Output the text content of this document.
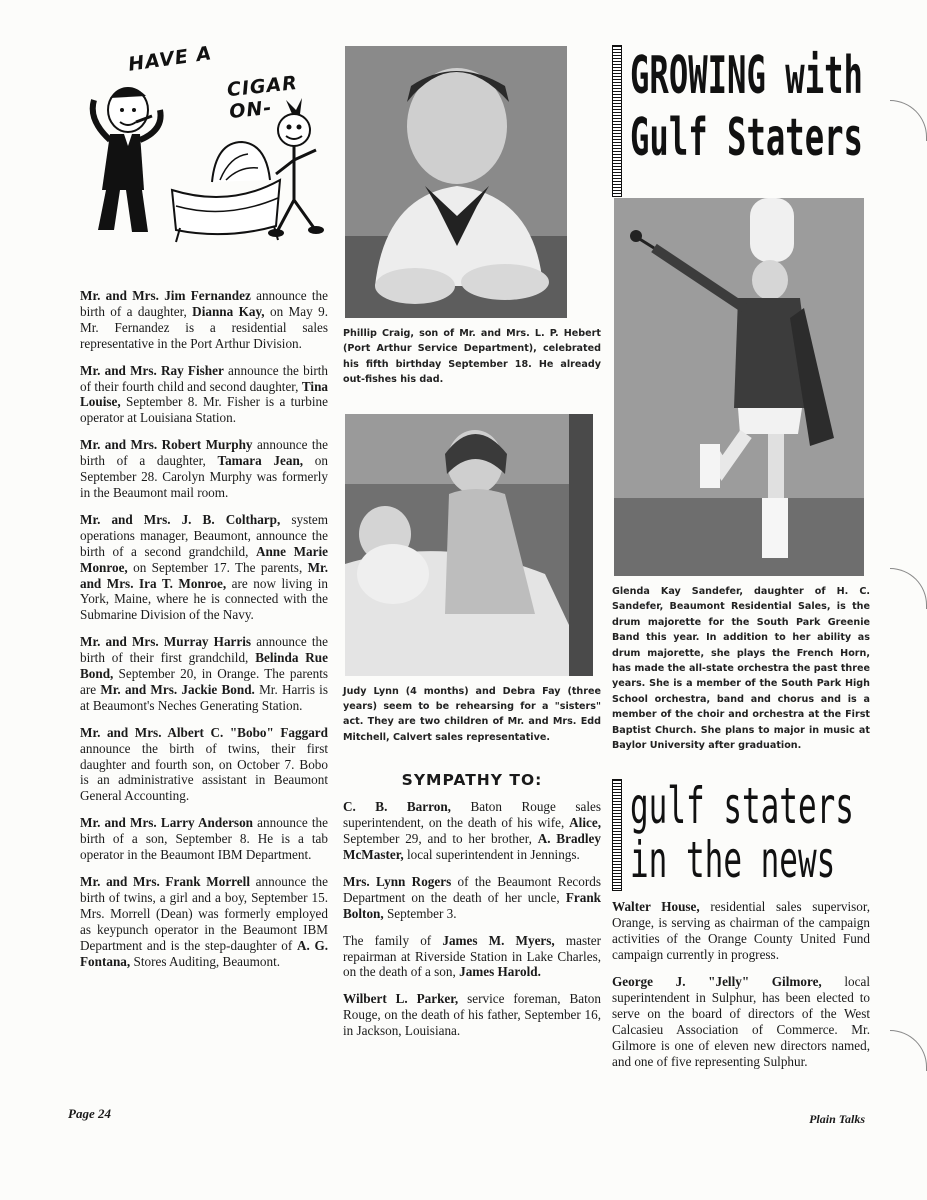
HAVE A
CIGAR ON-

Mr. and Mrs. Jim Fernandez announce the birth of a daughter, Dianna Kay, on May 9. Mr. Fernandez is a residential sales representative in the Port Arthur Division.

Mr. and Mrs. Ray Fisher announce the birth of their fourth child and second daughter, Tina Louise, September 8. Mr. Fisher is a turbine operator at Louisiana Station.

Mr. and Mrs. Robert Murphy announce the birth of a daughter, Tamara Jean, on September 28. Carolyn Murphy was formerly in the Beaumont mail room.

Mr. and Mrs. J. B. Coltharp, system operations manager, Beaumont, announce the birth of a second grandchild, Anne Marie Monroe, on September 17. The parents, Mr. and Mrs. Ira T. Monroe, are now living in York, Maine, where he is connected with the Submarine Division of the Navy.

Mr. and Mrs. Murray Harris announce the birth of their first grandchild, Belinda Rue Bond, September 20, in Orange. The parents are Mr. and Mrs. Jackie Bond. Mr. Harris is at Beaumont's Neches Generating Station.

Mr. and Mrs. Albert C. "Bobo" Faggard announce the birth of twins, their first daughter and fourth son, on October 7. Bobo is an administrative assistant in Beaumont General Accounting.

Mr. and Mrs. Larry Anderson announce the birth of a son, September 8. He is a tab operator in the Beaumont IBM Department.

Mr. and Mrs. Frank Morrell announce the birth of twins, a girl and a boy, September 15. Mrs. Morrell (Dean) was formerly employed as keypunch operator in the Beaumont IBM Department and is the step-daughter of A. G. Fontana, Stores Auditing, Beaumont.

Phillip Craig, son of Mr. and Mrs. L. P. Hebert (Port Arthur Service Department), celebrated his fifth birthday September 18. He already out-fishes his dad.

Judy Lynn (4 months) and Debra Fay (three years) seem to be rehearsing for a "sisters" act. They are two children of Mr. and Mrs. Edd Mitchell, Calvert sales representative.

SYMPATHY TO:

C. B. Barron, Baton Rouge sales superintendent, on the death of his wife, Alice, September 29, and to her brother, A. Bradley McMaster, local superintendent in Jennings.

Mrs. Lynn Rogers of the Beaumont Records Department on the death of her uncle, Frank Bolton, September 3.

The family of James M. Myers, master repairman at Riverside Station in Lake Charles, on the death of a son, James Harold.

Wilbert L. Parker, service foreman, Baton Rouge, on the death of his father, September 16, in Jackson, Louisiana.

GROWING with
Gulf Staters

Glenda Kay Sandefer, daughter of H. C. Sandefer, Beaumont Residential Sales, is the drum majorette for the South Park Greenie Band this year. In addition to her ability as drum majorette, she plays the French Horn, has made the all-state orchestra the past three years. She is a member of the South Park High School orchestra, band and chorus and is a member of the choir and orchestra at the First Baptist Church. She plans to major in music at Baylor University after graduation.

gulf staters
in the news

Walter House, residential sales supervisor, Orange, is serving as chairman of the campaign activities of the Orange County United Fund campaign currently in progress.

George J. "Jelly" Gilmore, local superintendent in Sulphur, has been elected to serve on the board of directors of the West Calcasieu Association of Commerce. Mr. Gilmore is one of eleven new directors named, and one of five representing Sulphur.

Page 24	Plain Talks
